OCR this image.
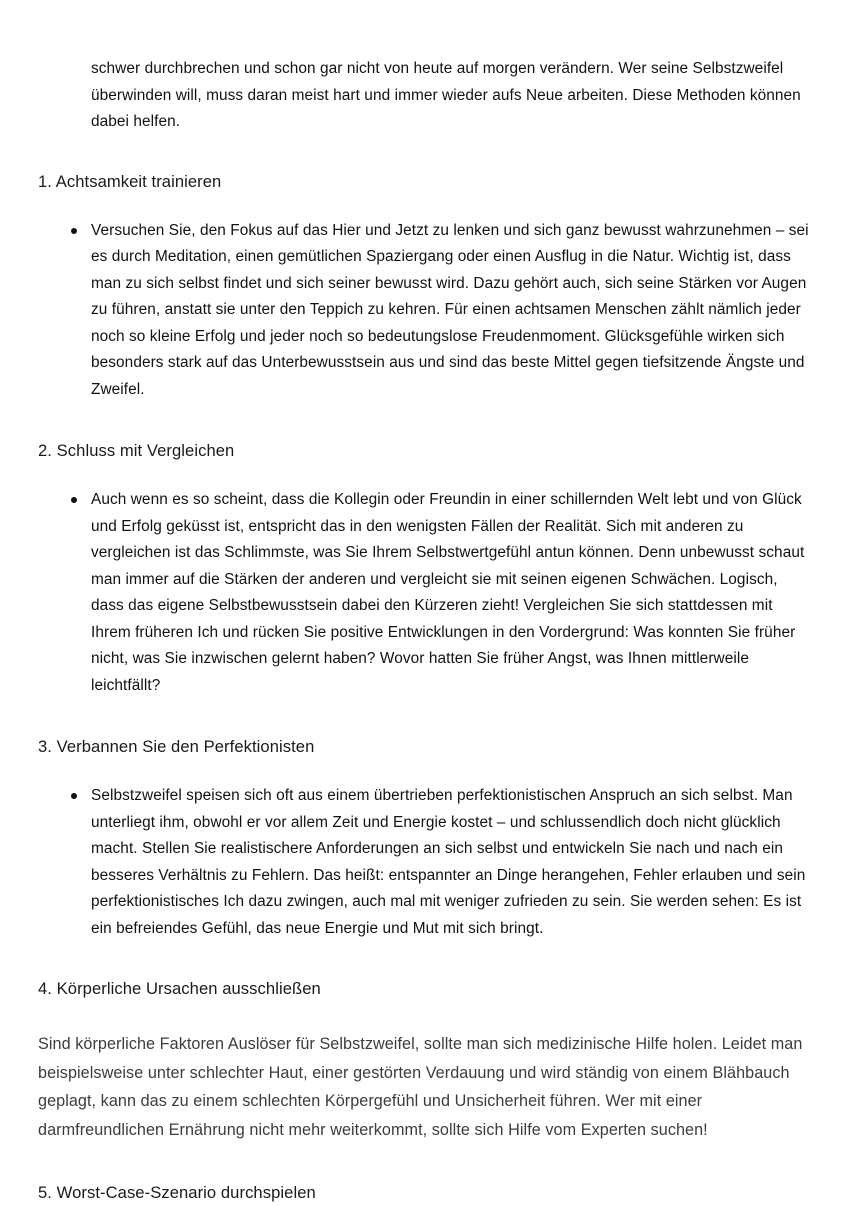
schwer durchbrechen und schon gar nicht von heute auf morgen verändern. Wer seine Selbstzweifel überwinden will, muss daran meist hart und immer wieder aufs Neue arbeiten. Diese Methoden können dabei helfen.

1. Achtsamkeit trainieren
Versuchen Sie, den Fokus auf das Hier und Jetzt zu lenken und sich ganz bewusst wahrzunehmen – sei es durch Meditation, einen gemütlichen Spaziergang oder einen Ausflug in die Natur. Wichtig ist, dass man zu sich selbst findet und sich seiner bewusst wird. Dazu gehört auch, sich seine Stärken vor Augen zu führen, anstatt sie unter den Teppich zu kehren. Für einen achtsamen Menschen zählt nämlich jeder noch so kleine Erfolg und jeder noch so bedeutungslose Freudenmoment. Glücksgefühle wirken sich besonders stark auf das Unterbewusstsein aus und sind das beste Mittel gegen tiefsitzende Ängste und Zweifel.
2. Schluss mit Vergleichen
Auch wenn es so scheint, dass die Kollegin oder Freundin in einer schillernden Welt lebt und von Glück und Erfolg geküsst ist, entspricht das in den wenigsten Fällen der Realität. Sich mit anderen zu vergleichen ist das Schlimmste, was Sie Ihrem Selbstwertgefühl antun können. Denn unbewusst schaut man immer auf die Stärken der anderen und vergleicht sie mit seinen eigenen Schwächen. Logisch, dass das eigene Selbstbewusstsein dabei den Kürzeren zieht! Vergleichen Sie sich stattdessen mit Ihrem früheren Ich und rücken Sie positive Entwicklungen in den Vordergrund: Was konnten Sie früher nicht, was Sie inzwischen gelernt haben? Wovor hatten Sie früher Angst, was Ihnen mittlerweile leichtfällt?
3. Verbannen Sie den Perfektionisten
Selbstzweifel speisen sich oft aus einem übertrieben perfektionistischen Anspruch an sich selbst. Man unterliegt ihm, obwohl er vor allem Zeit und Energie kostet – und schlussendlich doch nicht glücklich macht. Stellen Sie realistischere Anforderungen an sich selbst und entwickeln Sie nach und nach ein besseres Verhältnis zu Fehlern. Das heißt: entspannter an Dinge herangehen, Fehler erlauben und sein perfektionistisches Ich dazu zwingen, auch mal mit weniger zufrieden zu sein. Sie werden sehen: Es ist ein befreiendes Gefühl, das neue Energie und Mut mit sich bringt.
4. Körperliche Ursachen ausschließen

Sind körperliche Faktoren Auslöser für Selbstzweifel, sollte man sich medizinische Hilfe holen. Leidet man beispielsweise unter schlechter Haut, einer gestörten Verdauung und wird ständig von einem Blähbauch geplagt, kann das zu einem schlechten Körpergefühl und Unsicherheit führen. Wer mit einer darmfreundlichen Ernährung nicht mehr weiterkommt, sollte sich Hilfe vom Experten suchen!

5. Worst-Case-Szenario durchspielen
